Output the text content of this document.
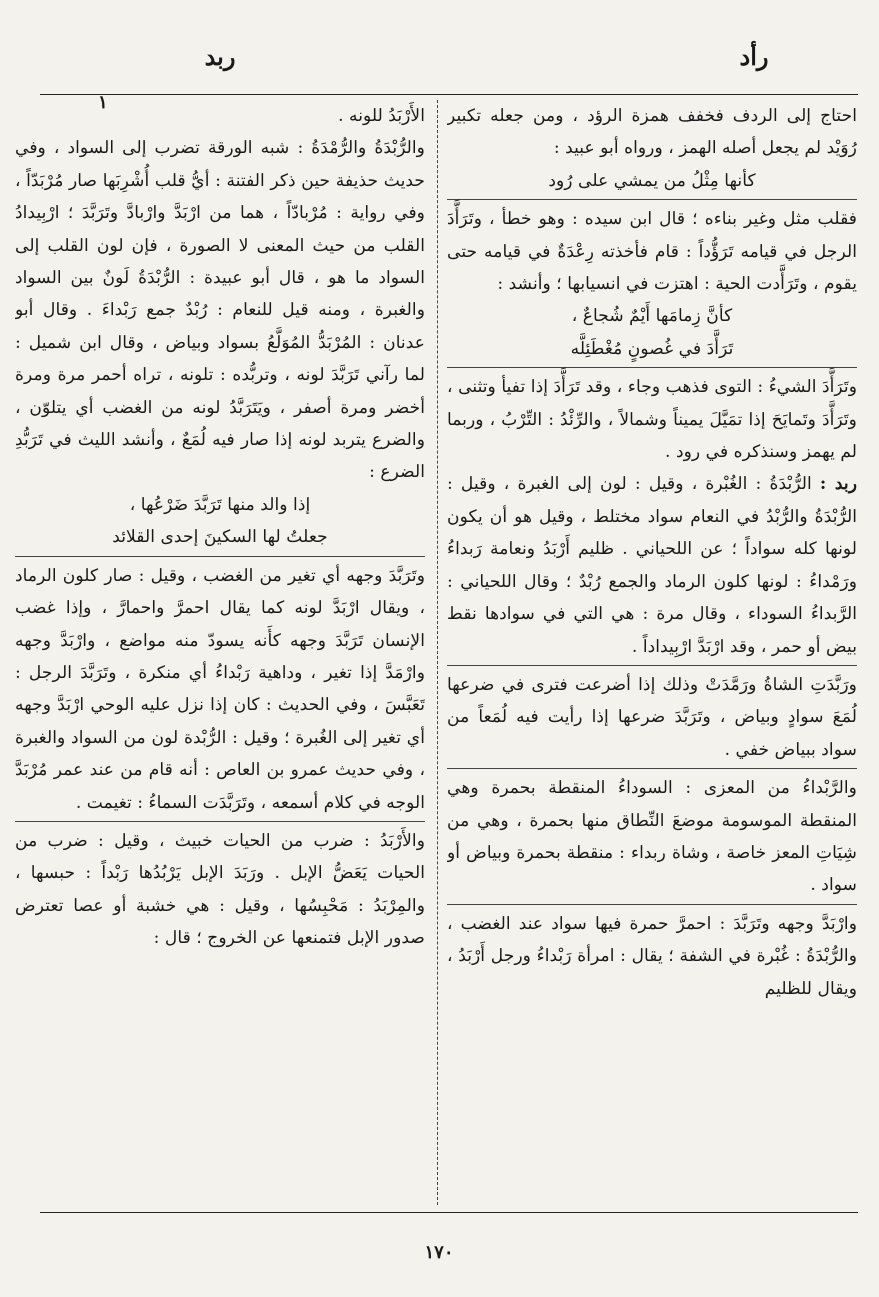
رأد
ربد
١

احتاج إلى الردف فخفف همزة الرؤد ، ومن جعله تكبير رُوَيْد لم يجعل أصله الهمز ، ورواه أبو عبيد :

كأنها مِثْلُ من يمشي على رُود

فقلب مثل وغير بناءه ؛ قال ابن سيده : وهو خطأ ، وتَرَأَّدَ الرجل في قيامه تَرَؤُّداً : قام فأخذته رِعْدَةٌ في قيامه حتى يقوم ، وتَرَأَّدت الحية : اهتزت في انسيابها ؛ وأنشد :

كأنَّ زِمامَها أَيْمٌ شُجاعٌ ،

تَرَأَّدَ في غُصونٍ مُغْطَئِلَّه

وتَرَأَّدَ الشيءُ : التوى فذهب وجاء ، وقد تَرَأَّدَ إذا تفيأ وتثنى ، وتَرَأَّدَ وتَمايَحَ إذا تمَيَّلَ يميناً وشمالاً ، والرِّئْدُ : التِّرْبُ ، وربما لم يهمز وسنذكره في رود .

ربد : الرُّبْدَةُ : الغُبْرة ، وقيل : لون إلى الغبرة ، وقيل : الرُّبْدَةُ والرُّبْدُ في النعام سواد مختلط ، وقيل هو أن يكون لونها كله سواداً ؛ عن اللحياني . ظليم أَرْبَدُ ونعامة رَبداءُ ورَمْداءُ : لونها كلون الرماد والجمع رُبْدٌ ؛ وقال اللحياني : الرَّبداءُ السوداء ، وقال مرة : هي التي في سوادها نقط بيض أو حمر ، وقد ارْبَدَّ ارْبِيداداً .

ورَبَّدَتِ الشاةُ ورَمَّدَتْ وذلك إذا أضرعت فترى في ضرعها لُمَعَ سوادٍ وبياض ، وتَرَبَّدَ ضرعها إذا رأيت فيه لُمَعاً من سواد ببياض خفي .

والرَّبْداءُ من المعزى : السوداءُ المنقطة بحمرة وهي المنقطة الموسومة موضعَ النِّطاق منها بحمرة ، وهي من شِيَاتِ المعز خاصة ، وشاة ربداء : منقطة بحمرة وبياض أو سواد .

وارْبَدَّ وجهه وتَرَبَّدَ : احمرَّ حمرة فيها سواد عند الغضب ، والرُّبْدَةُ : غُبْرة في الشفة ؛ يقال : امرأة رَبْداءُ ورجل أَرْبَدُ ، ويقال للظليم

الأَرْبَدُ للونه .

والرُّبْدَةُ والرُّمْدَةُ : شبه الورقة تضرب إلى السواد ، وفي حديث حذيفة حين ذكر الفتنة : أيُّ قلب أُشْرِبَها صار مُرْبَدّاً ، وفي رواية : مُرْبادّاً ، هما من ارْبَدَّ وارْبادَّ وتَرَبَّدَ ؛ ارْبِيدادُ القلب من حيث المعنى لا الصورة ، فإن لون القلب إلى السواد ما هو ، قال أبو عبيدة : الرُّبْدَةُ لَونٌ بين السواد والغبرة ، ومنه قيل للنعام : رُبْدٌ جمع رَبْداءَ . وقال أبو عدنان : المُرْبَدُّ المُوَلَّعُ بسواد وبياض ، وقال ابن شميل : لما رآني تَرَبَّدَ لونه ، وتربُّده : تلونه ، تراه أحمر مرة ومرة أخضر ومرة أصفر ، ويَتَرَبَّدُ لونه من الغضب أي يتلوّن ، والضرع يتربد لونه إذا صار فيه لُمَعٌ ، وأنشد الليث في تَرَبُّدِ الضرع :

إذا والد منها تَرَبَّدَ ضَرْعُها ،

جعلتُ لها السكينَ إحدى القلائد

وتَرَبَّدَ وجهه أي تغير من الغضب ، وقيل : صار كلون الرماد ، ويقال ارْبَدَّ لونه كما يقال احمرَّ واحمارَّ ، وإذا غضب الإنسان تَرَبَّدَ وجهه كأَنه يسودّ منه مواضع ، وارْبَدَّ وجهه وارْمَدَّ إذا تغير ، وداهية رَبْداءُ أي منكرة ، وتَرَبَّدَ الرجل : تَعَبَّسَ ، وفي الحديث : كان إذا نزل عليه الوحي ارْبَدَّ وجهه أي تغير إلى الغُبرة ؛ وقيل : الرُّبْدة لون من السواد والغبرة ، وفي حديث عمرو بن العاص : أنه قام من عند عمر مُرْبَدَّ الوجه في كلام أسمعه ، وتَرَبَّدَت السماءُ : تغيمت .

والأَرْبَدُ : ضرب من الحيات خبيث ، وقيل : ضرب من الحيات يَعَضُّ الإبل . ورَبَدَ الإبل يَرْبُدُها رَبْداً : حبسها ، والمِرْبَدُ : مَحْبِسُها ، وقيل : هي خشبة أو عصا تعترض صدور الإبل فتمنعها عن الخروج ؛ قال :

١٧٠
